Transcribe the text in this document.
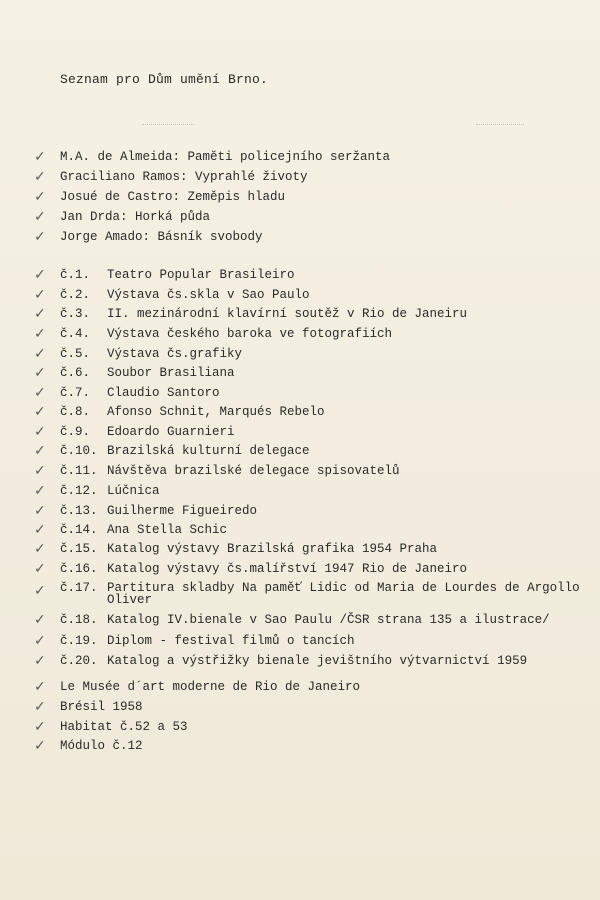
Seznam pro Dům umění Brno.
✓ M.A. de Almeida: Pamĕti policejního seržanta
✓ Graciliano Ramos: Vyprahlé životy
✓ Josué de Castro: Zeměpis hladu
✓ Jan Drda: Horká půda
✓ Jorge Amado: Básník svobody
✓ č.1. Teatro Popular Brasileiro
✓ č.2. Výstava čs.skla v Sao Paulo
✓ č.3. II. mezinárodní klavírní soutěž v Rio de Janeiru
✓ č.4. Výstava českého baroka ve fotografiích
✓ č.5. Výstava čs.grafiky
✓ č.6. Soubor Brasiliana
✓ č.7. Claudio Santoro
✓ č.8. Afonso Schnit, Marqués Rebelo
✓ č.9. Edoardo Guarnieri
✓ č.10. Brazilská kulturní delegace
✓ č.11. Návštěva brazilské delegace spisovatelů
✓ č.12. Lúčnica
✓ č.13. Guilherme Figueiredo
✓ č.14. Ana Stella Schic
✓ č.15. Katalog výstavy Brazilská grafika 1954 Praha
✓ č.16. Katalog výstavy čs.malířství 1947 Rio de Janeiro
✓ č.17. Partitura skladby Na paměť Lidic od Maria de Lourdes de Argollo
Oliver
✓ č.18. Katalog IV.bienale v Sao Paulu /ČSR strana 135 a ilustrace/
✓ č.19. Diplom - festival filmů o tancích
✓ č.20. Katalog a výstřižky bienale jevištního výtvarnictví 1959
✓ Le Musée d´art moderne de Rio de Janeiro
✓ Brésil 1958
✓ Habitat č.52 a 53
✓ Módulo č.12
